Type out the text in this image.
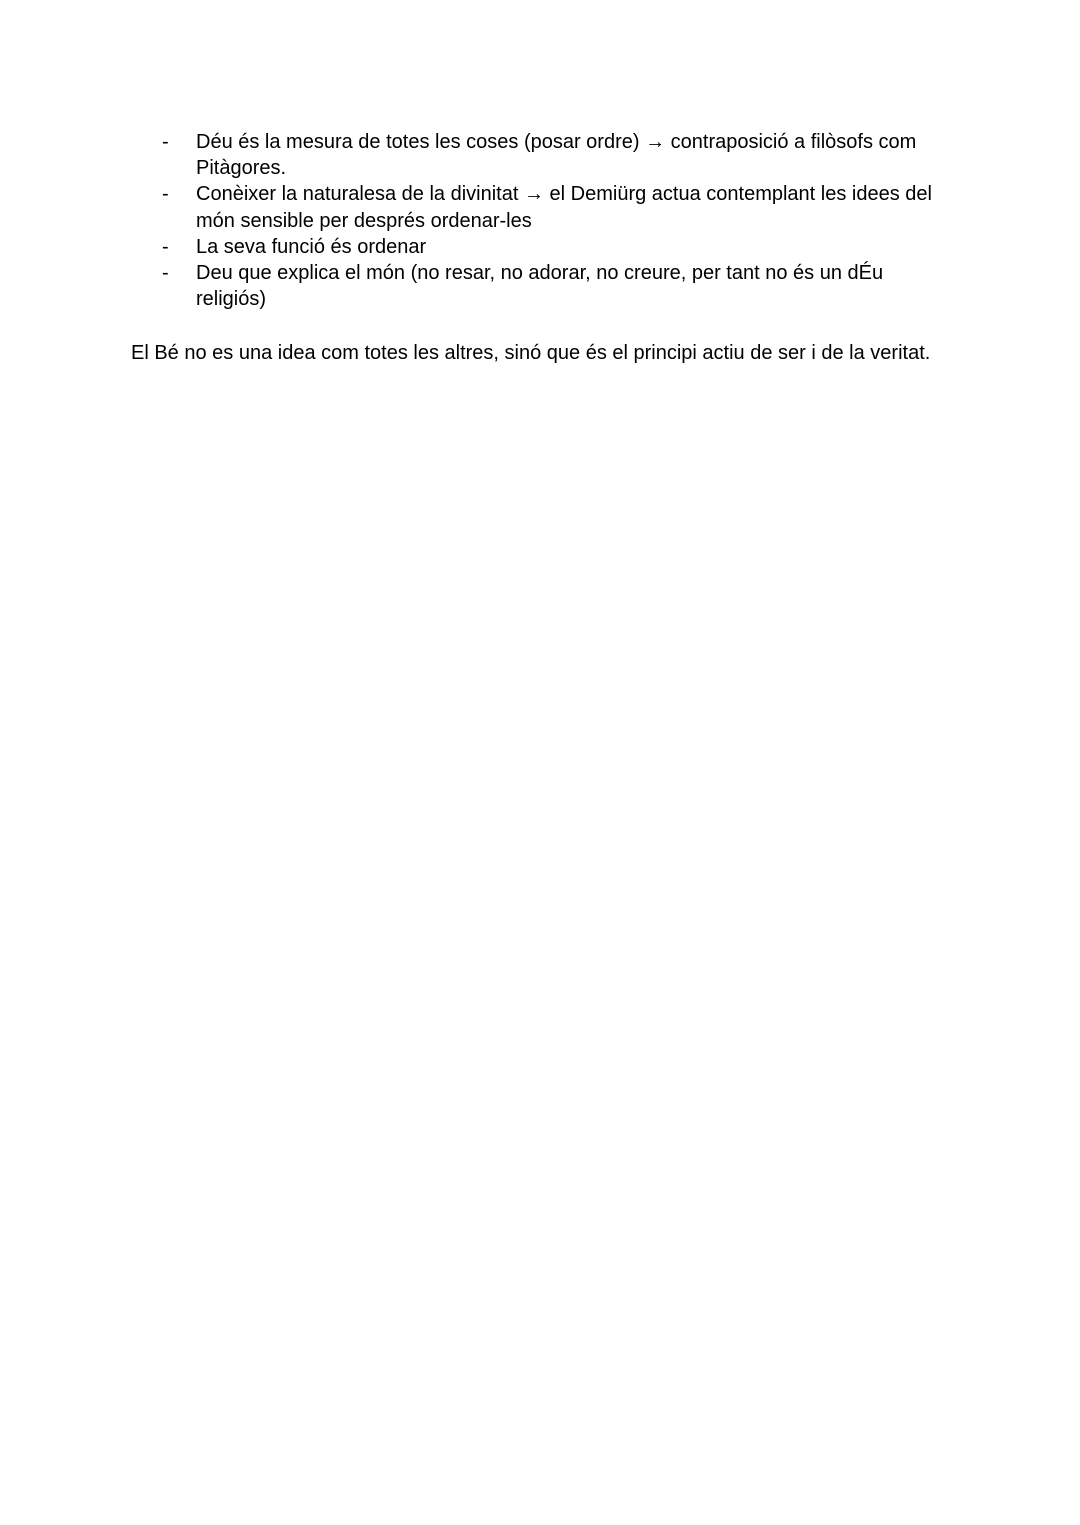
- Déu és la mesura de totes les coses (posar ordre) → contraposició a filòsofs com Pitàgores.
- Conèixer la naturalesa de la divinitat → el Demiürg actua contemplant les idees del món sensible per després ordenar-les
- La seva funció és ordenar
- Deu que explica el món (no resar, no adorar, no creure, per tant no és un dÉu religiós)

El Bé no es una idea com totes les altres, sinó que és el principi actiu de ser i de la veritat.
